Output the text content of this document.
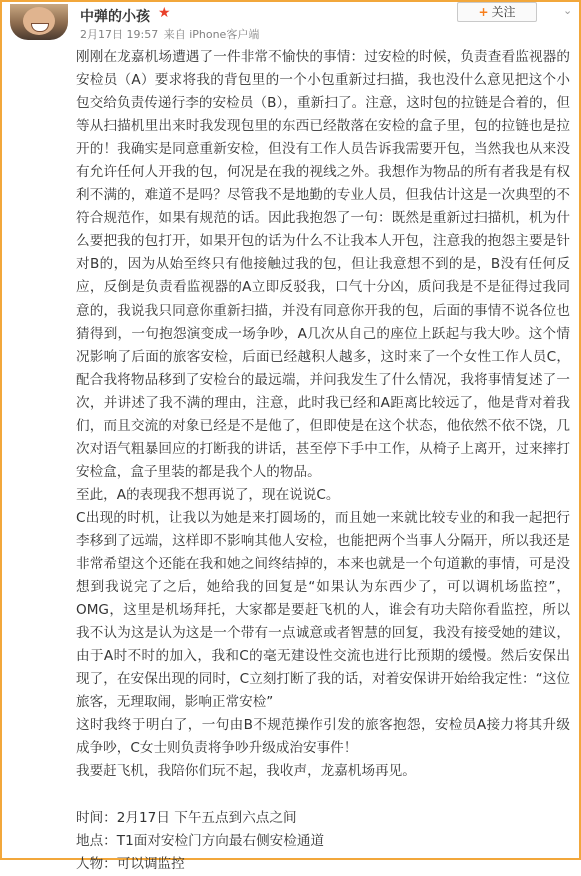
中弹的小孩 ★
2月17日 19:57 来自 iPhone客户端
+ 关注	⌄

刚刚在龙嘉机场遭遇了一件非常不愉快的事情：过安检的时候，负责查看监视器的安检员（A）要求将我的背包里的一个小包重新过扫描，我也没什么意见把这个小包交给负责传递行李的安检员（B），重新扫了。注意，这时包的拉链是合着的，但等从扫描机里出来时我发现包里的东西已经散落在安检的盒子里，包的拉链也是拉开的！我确实是同意重新安检，但没有工作人员告诉我需要开包，当然我也从来没有允许任何人开我的包，何况是在我的视线之外。我想作为物品的所有者我是有权利不满的，难道不是吗？尽管我不是地勤的专业人员，但我估计这是一次典型的不符合规范作，如果有规范的话。因此我抱怨了一句：既然是重新过扫描机，机为什么要把我的包打开，如果开包的话为什么不让我本人开包，注意我的抱怨主要是针对B的，因为从始至终只有他接触过我的包，但让我意想不到的是，B没有任何反应，反倒是负责看监视器的A立即反驳我，口气十分凶，质问我是不是征得过我同意的，我说我只同意你重新扫描，并没有同意你开我的包，后面的事情不说各位也猜得到，一句抱怨演变成一场争吵，A几次从自己的座位上跃起与我大吵。这个情况影响了后面的旅客安检，后面已经越积人越多，这时来了一个女性工作人员C，配合我将物品移到了安检台的最远端，并问我发生了什么情况，我将事情复述了一次，并讲述了我不满的理由，注意，此时我已经和A距离比较远了，他是背对着我们，而且交流的对象已经是不是他了，但即使是在这个状态，他依然不依不饶，几次对语气粗暴回应的打断我的讲话，甚至停下手中工作，从椅子上离开，过来摔打安检盒，盒子里装的都是我个人的物品。

至此，A的表现我不想再说了，现在说说C。

C出现的时机，让我以为她是来打圆场的，而且她一来就比较专业的和我一起把行李移到了远端，这样即不影响其他人安检，也能把两个当事人分隔开，所以我还是非常希望这个还能在我和她之间终结掉的，本来也就是一个句道歉的事情，可是没想到我说完了之后，她给我的回复是“如果认为东西少了，可以调机场监控”，OMG，这里是机场拜托，大家都是要赶飞机的人，谁会有功夫陪你看监控，所以我不认为这是认为这是一个带有一点诚意或者智慧的回复，我没有接受她的建议，由于A时不时的加入，我和C的毫无建设性交流也进行比预期的缓慢。然后安保出现了，在安保出现的同时，C立刻打断了我的话，对着安保讲开始给我定性：“这位旅客，无理取闹，影响正常安检”

这时我终于明白了，一句由B不规范操作引发的旅客抱怨，安检员A接力将其升级成争吵，C女士则负责将争吵升级成治安事件！

我要赶飞机，我陪你们玩不起，我收声，龙嘉机场再见。

时间：2月17日 下午五点到六点之间

地点：T1面对安检门方向最右侧安检通道

人物：可以调监控
